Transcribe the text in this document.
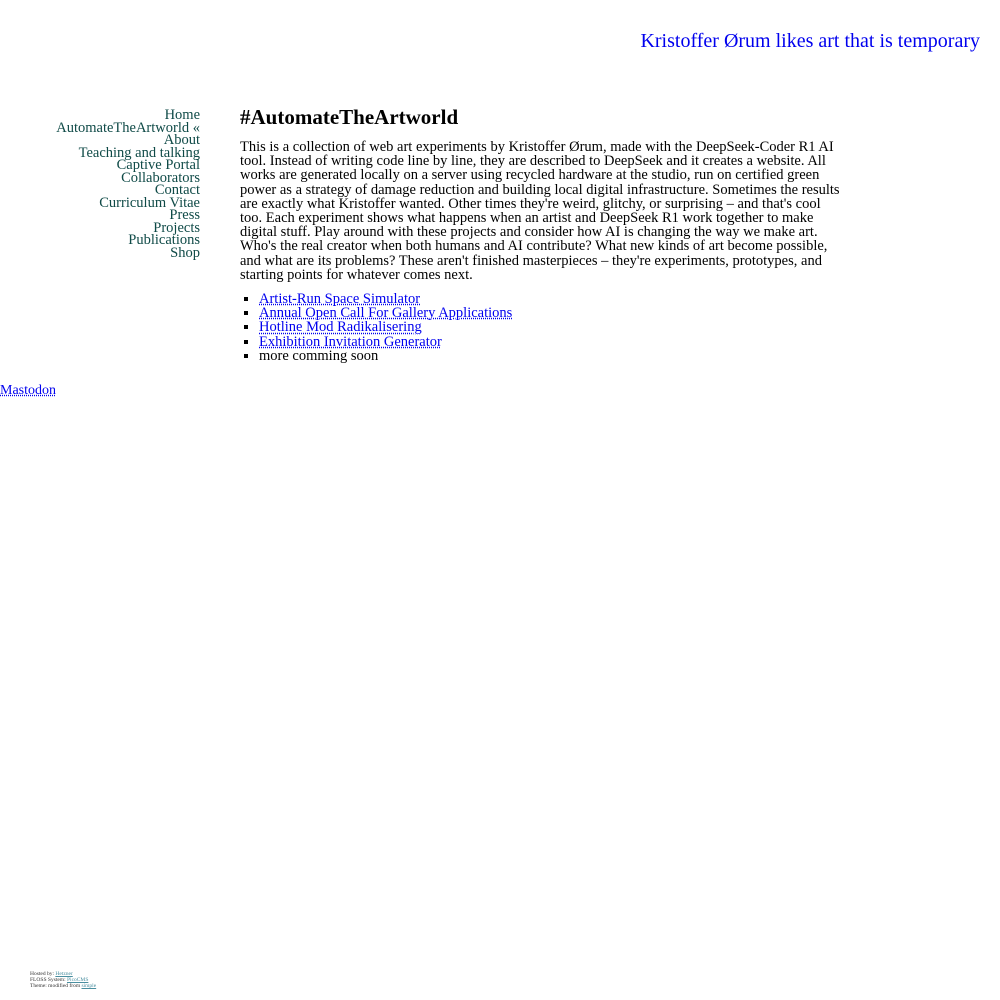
Kristoffer Ørum likes art that is temporary
Home
AutomateTheArtworld «
About
Teaching and talking
Captive Portal
Collaborators
Contact
Curriculum Vitae
Press
Projects
Publications
Shop
#AutomateTheArtworld

This is a collection of web art experiments by Kristoffer Ørum, made with the DeepSeek-Coder R1 AI tool. Instead of writing code line by line, they are described to DeepSeek and it creates a website. All works are generated locally on a server using recycled hardware at the studio, run on certified green power as a strategy of damage reduction and building local digital infrastructure. Sometimes the results are exactly what Kristoffer wanted. Other times they're weird, glitchy, or surprising – and that's cool too. Each experiment shows what happens when an artist and DeepSeek R1 work together to make digital stuff. Play around with these projects and consider how AI is changing the way we make art. Who's the real creator when both humans and AI contribute? What new kinds of art become possible, and what are its problems? These aren't finished masterpieces – they're experiments, prototypes, and starting points for whatever comes next.

▪ Artist-Run Space Simulator
▪ Annual Open Call For Gallery Applications
▪ Hotline Mod Radikalisering
▪ Exhibition Invitation Generator
▪ more comming soon
Mastodon
Hosted by: Hetzner
FLOSS System: PicoCMS
Theme: modified from simple
